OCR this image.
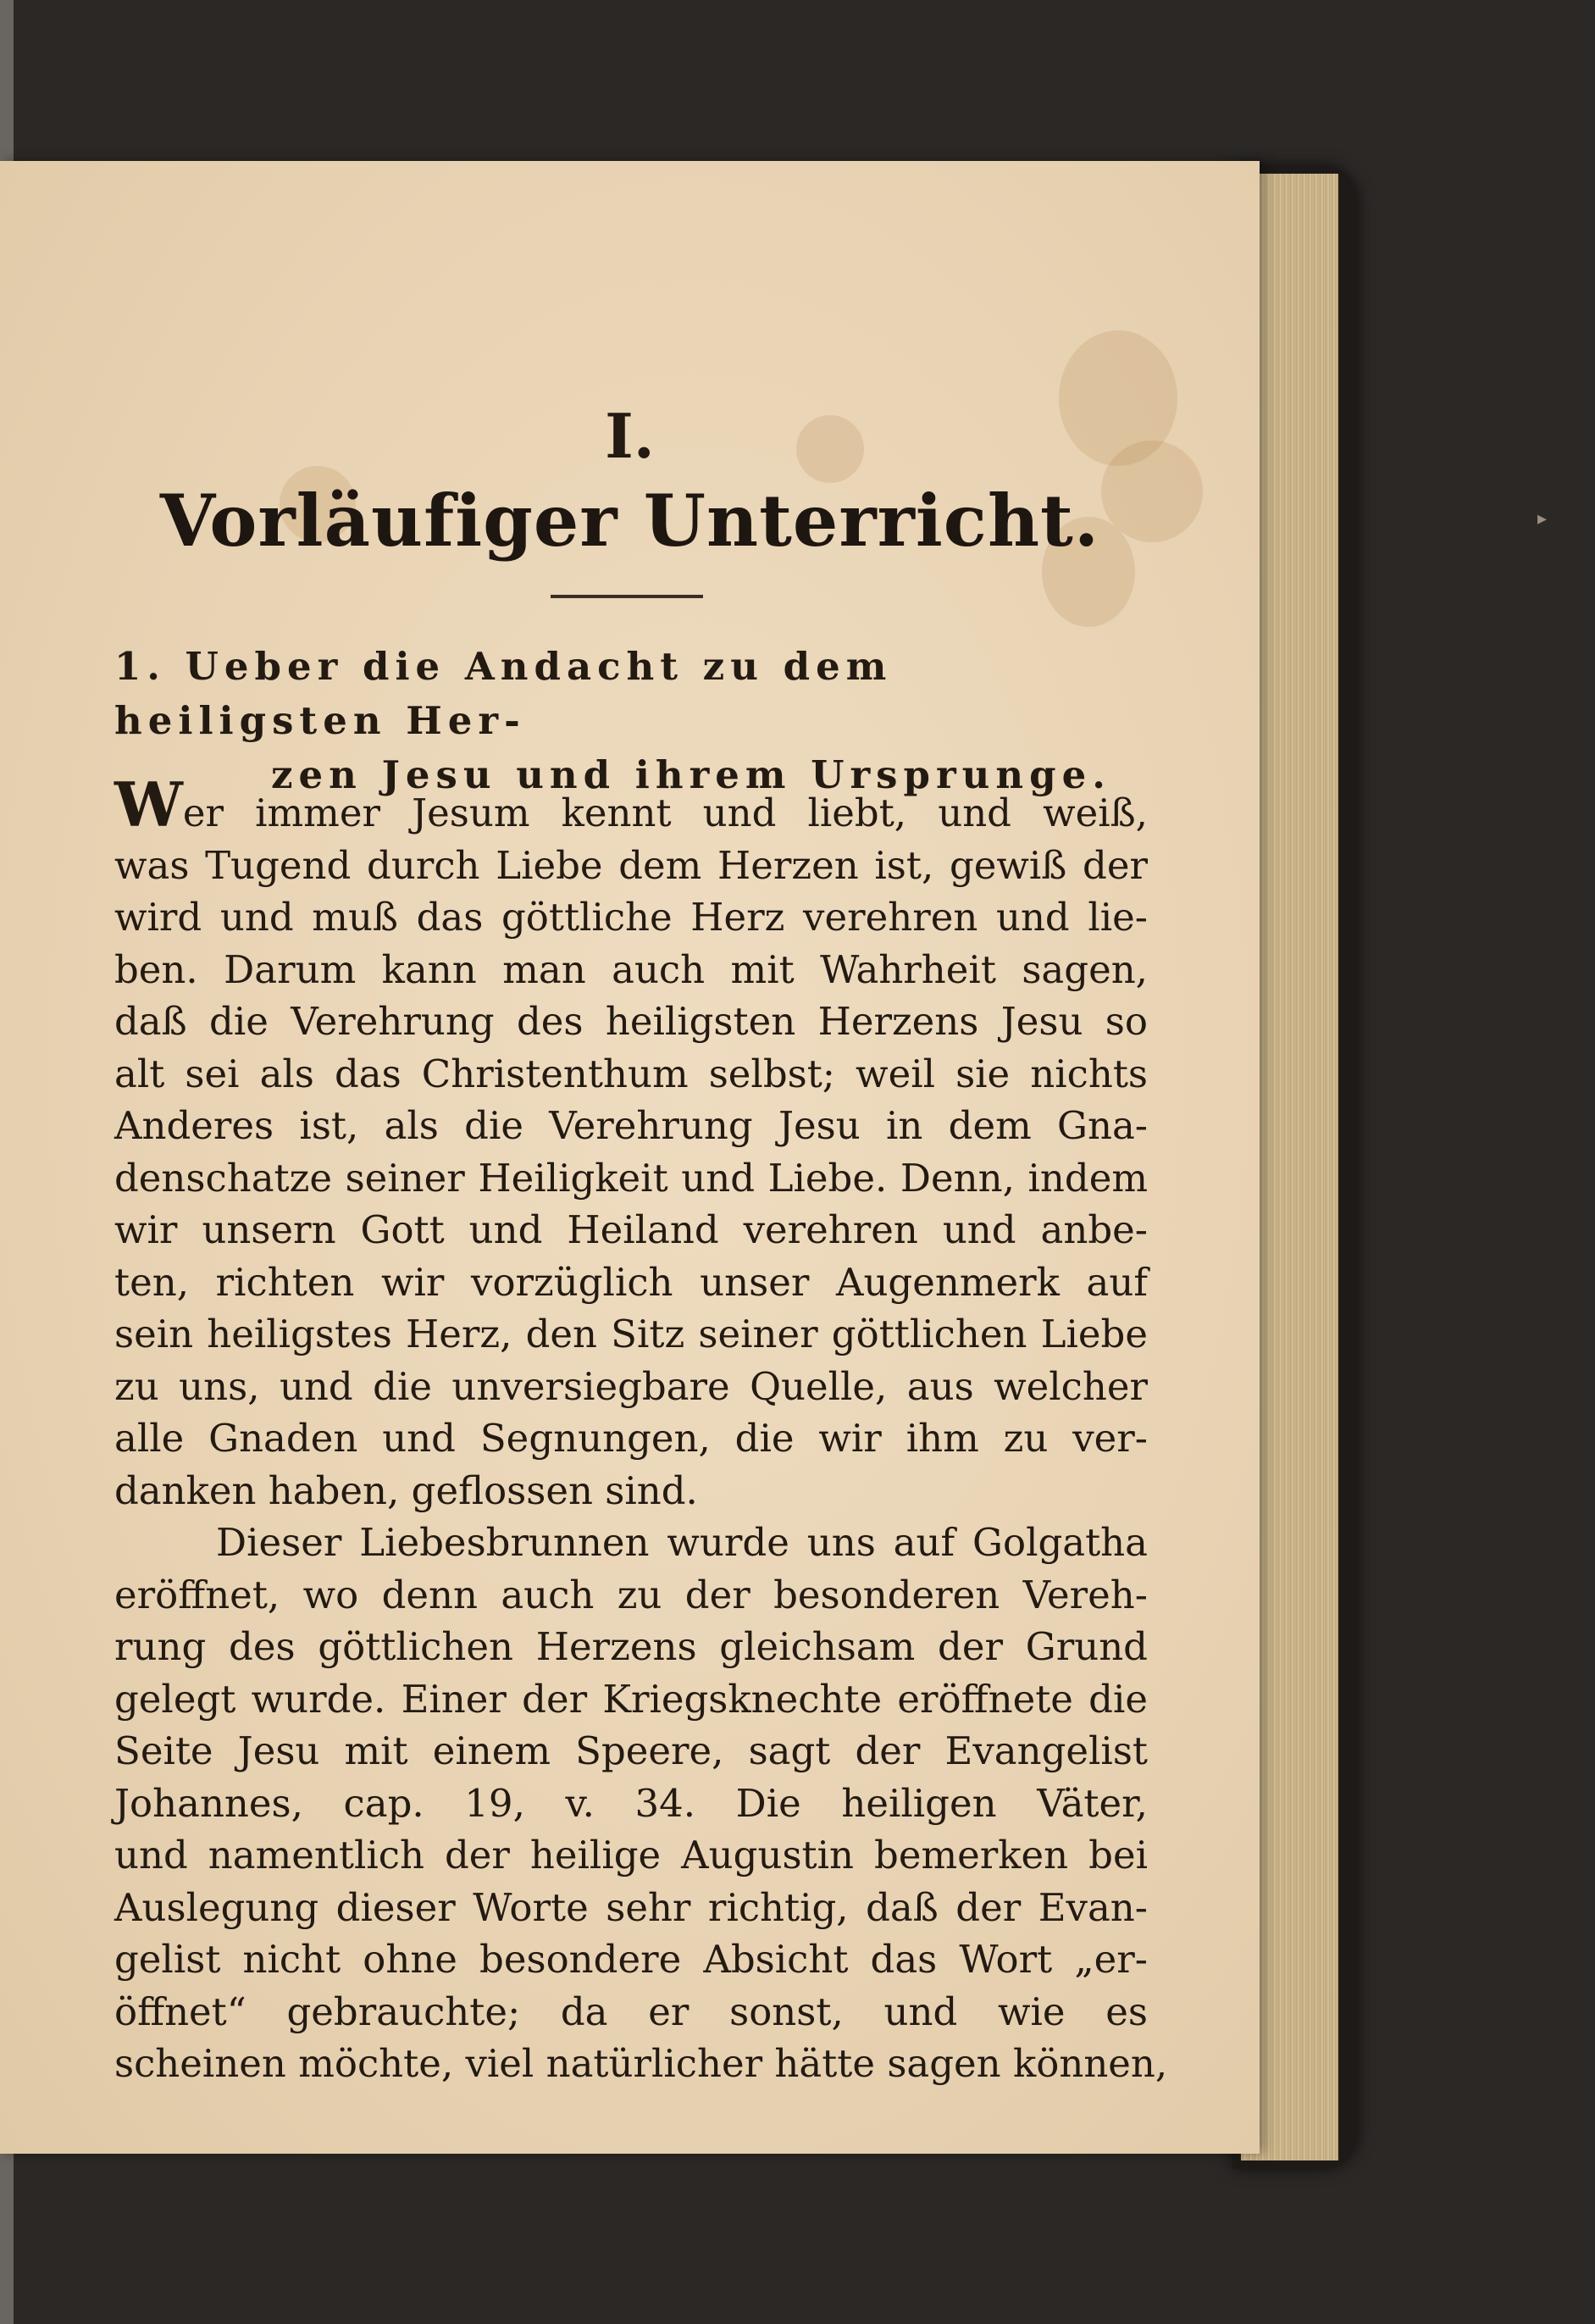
▸
I.
Vorläufiger Unterricht.
1. Ueber die Andacht zu dem heiligsten Her-
zen Jesu und ihrem Ursprunge.
Wer immer Jesum kennt und liebt, und weiß,
was Tugend durch Liebe dem Herzen ist, gewiß der
wird und muß das göttliche Herz verehren und lie-
ben. Darum kann man auch mit Wahrheit sagen,
daß die Verehrung des heiligsten Herzens Jesu so
alt sei als das Christenthum selbst; weil sie nichts
Anderes ist, als die Verehrung Jesu in dem Gna-
denschatze seiner Heiligkeit und Liebe. Denn, indem
wir unsern Gott und Heiland verehren und anbe-
ten, richten wir vorzüglich unser Augenmerk auf
sein heiligstes Herz, den Sitz seiner göttlichen Liebe
zu uns, und die unversiegbare Quelle, aus welcher
alle Gnaden und Segnungen, die wir ihm zu ver-
danken haben, geflossen sind.
Dieser Liebesbrunnen wurde uns auf Golgatha
eröffnet, wo denn auch zu der besonderen Vereh-
rung des göttlichen Herzens gleichsam der Grund
gelegt wurde. Einer der Kriegsknechte eröffnete die
Seite Jesu mit einem Speere, sagt der Evangelist
Johannes, cap. 19, v. 34. Die heiligen Väter,
und namentlich der heilige Augustin bemerken bei
Auslegung dieser Worte sehr richtig, daß der Evan-
gelist nicht ohne besondere Absicht das Wort „er-
öffnet“ gebrauchte; da er sonst, und wie es
scheinen möchte, viel natürlicher hätte sagen können,
